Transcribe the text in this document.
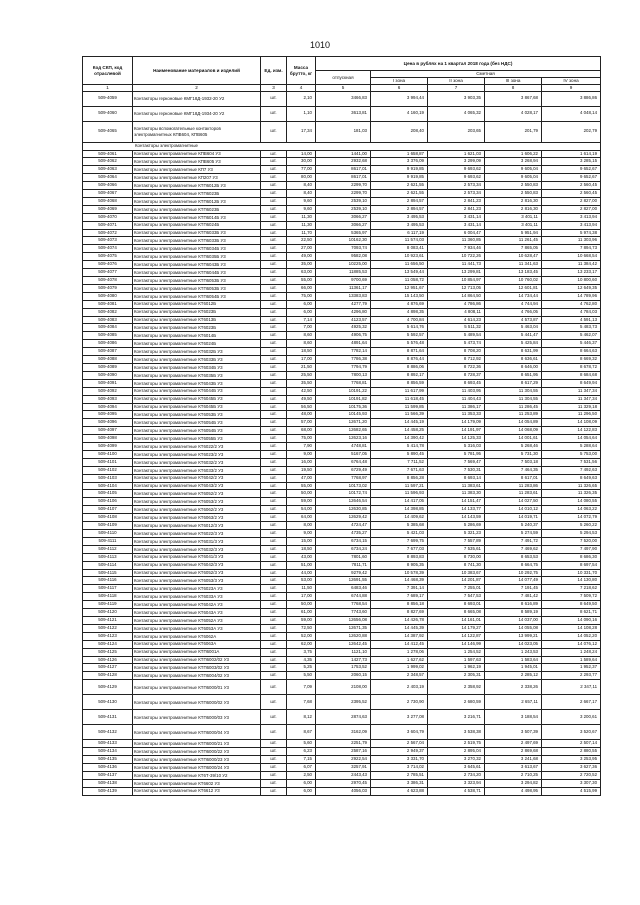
1010
Код СКП, код отраслевой	Наименование материалов и изделий	Ед. изм.	Масса брутто, кг	Цена в рублях на 1 квартал 2018 года (без НДС)				
				отпускная	Сметная			
					I зона	II зона	III зона	IV зона
1	2	3	4	5	6	7	8	9
509-4059	Контакторы герконовые КМГ18Д-1932-20 У2	шт.	2,10	3466,83	3 994,44	3 903,35	3 867,68	3 886,86
509-4060	Контакторы герконовые КМГ18Д-1934-20 У2	шт.	1,10	3613,81	4 160,19	4 065,32	4 028,17	4 048,14
509-4065	Контакторы вспомогательные контакторов электромагнитных КПВ604, КПВ605	шт.	17,34	181,03	208,40	203,65	201,79	202,79
Контакторы электромагнитные								
509-4061	Контакторы электромагнитные КПВ604 У3	шт.	14,00	1441,00	1 658,87	1 621,03	1 606,22	1 614,19
509-4062	Контакторы электромагнитные КПВ605 У3	шт.	30,00	2932,68	3 376,09	3 299,09	3 268,94	3 285,15
509-4063	Контакторы электромагнитные КП7 У3	шт.	77,00	8617,01	9 919,85	9 693,62	9 605,04	9 652,67
509-4064	Контакторы электромагнитные КП207 У3	шт.	80,00	8617,01	9 919,85	9 693,62	9 605,04	9 652,67
509-4066	Контакторы электромагнитные КТП6012Б У3	шт.	8,40	2299,70	2 621,55	2 573,34	2 550,83	2 560,45
509-4067	Контакторы электромагнитные КТП6023Б	шт.	8,40	2299,70	2 621,55	2 573,34	2 550,83	2 560,45
509-4068	Контакторы электромагнитные КТП6012Б У3	шт.	9,60	2539,10	2 894,57	2 841,23	2 816,30	2 827,00
509-4069	Контакторы электромагнитные КТП6023Б	шт.	9,60	2539,10	2 894,57	2 841,23	2 816,30	2 827,00
509-4070	Контакторы электромагнитные КТП6014Б У3	шт.	11,30	3066,27	3 495,53	3 431,14	3 401,11	3 413,94
509-4071	Контакторы электромагнитные КТП6024Б	шт.	11,30	3066,27	3 495,53	3 431,14	3 401,11	3 413,94
509-4072	Контакторы электромагнитные КТП6033Б У3	шт.	11,70	5365,97	6 117,19	6 004,47	5 951,94	5 974,38
509-4073	Контакторы электромагнитные КТП6033Б У3	шт.	22,50	10162,30	11 574,03	11 360,85	11 261,45	11 303,96
509-4074	Контакторы электромагнитные КТП6034Б У3	шт.	27,00	7093,74	8 083,41	7 934,46	7 865,05	7 894,73
509-4075	Контакторы электромагнитные КТП6035Б У3	шт.	49,00	9582,08	10 923,61	10 722,26	10 628,47	10 668,54
509-4076	Контакторы электромагнитные КТП6043Б У3	шт.	35,00	10225,00	11 656,50	11 441,73	11 341,63	11 384,42
509-4077	Контакторы электромагнитные КТП6044Б У3	шт.	63,00	11885,53	13 549,44	13 299,81	13 183,45	13 233,17
509-4078	Контакторы электромагнитные КТП6053Б У3	шт.	55,00	9700,69	11 058,72	10 854,97	10 760,02	10 800,60
509-4079	Контакторы электромагнитные КТП6053Б У3	шт.	66,00	11361,17	12 951,67	12 713,05	12 601,81	12 649,35
509-4080	Контакторы электромагнитные КТП6054Б У3	шт.	75,00	13383,83	15 143,50	14 864,50	14 734,44	14 789,96
509-4081	Контакторы электромагнитные КТ6012Б	шт.	6,00	4277,79	4 876,69	4 786,86	4 744,94	4 762,80
509-4082	Контакторы электромагнитные КТ6023Б	шт.	6,00	4296,80	4 898,35	4 808,11	4 766,05	4 784,03
509-4083	Контакторы электромагнитные КТ6013Б	шт.	7,14	4123,57	4 700,84	4 614,23	4 573,87	4 591,13
509-4084	Контакторы электромагнитные КТ6023Б	шт.	7,00	4925,32	5 614,76	5 511,32	5 463,04	5 483,73
509-4085	Контакторы электромагнитные КТ6014Б	шт.	8,60	4906,75	5 592,57	5 489,54	5 441,47	5 462,07
509-4086	Контакторы электромагнитные КТ6024Б	шт.	8,60	4891,64	5 576,48	5 473,74	5 425,84	5 446,37
509-4087	Контакторы электромагнитные КТ6032Б У3	шт.	18,50	7782,14	8 871,64	8 708,20	8 631,99	8 664,63
509-4088	Контакторы электромагнитные КТ6033Б У3	шт.	17,00	7786,38	8 876,44	8 712,92	8 636,61	8 669,32
509-4089	Контакторы электромагнитные КТ6034Б У3	шт.	21,50	7794,79	8 886,06	8 722,36	8 646,00	8 678,72
509-4090	Контакторы электромагнитные КТ6035Б У3	шт.	25,50	7800,13	8 892,17	8 728,37	8 651,95	8 684,68
509-4091	Контакторы электромагнитные КТ6043Б У3	шт.	35,50	7768,81	8 856,59	8 693,45	8 617,29	8 649,94
509-4092	Контакторы электромагнитные КТ6044Б У3	шт.	42,50	10191,22	11 617,99	11 403,95	11 304,55	11 347,34
509-4093	Контакторы электромагнитные КТ6045Б У3	шт.	49,50	10191,82	11 618,45	11 404,43	11 304,55	11 347,34
509-4094	Контакторы электромагнитные КТ6045Б У3	шт.	56,50	10175,36	11 599,85	11 386,17	11 286,45	11 329,18
509-4095	Контакторы электромагнитные КТ6053Б У3	шт.	48,00	10145,93	11 566,39	11 353,33	11 253,89	11 296,50
509-4096	Контакторы электромагнитные КТ6054Б У3	шт.	57,00	12671,20	14 445,19	14 179,09	14 054,89	14 108,09
509-4097	Контакторы электромагнитные КТ6054Б У3	шт.	68,00	12682,65	14 458,25	14 191,97	14 068,09	14 122,83
509-4098	Контакторы электромагнитные КТ6055Б У3	шт.	75,00	12623,16	14 390,42	14 125,33	14 001,61	14 054,64
509-4099	Контакторы электромагнитные КТ6022/2 У3	шт.	7,90	4748,81	5 414,78	5 316,03	5 268,46	5 288,64
509-4100	Контакторы электромагнитные КТ6023/2 У3	шт.	9,00	5167,05	5 890,45	5 781,95	5 731,30	5 753,00
509-4101	Контакторы электромагнитные КТ6032/2 У3	шт.	16,00	6764,48	7 711,52	7 569,47	7 503,18	7 531,56
509-4102	Контакторы электромагнитные КТ6033/2 У3	шт.	19,50	6729,49	7 671,63	7 530,31	7 464,35	7 492,63
509-4103	Контакторы электромагнитные КТ6042/2 У3	шт.	47,00	7768,97	8 856,28	8 693,14	8 617,01	8 649,63
509-4104	Контакторы электромагнитные КТ6043/2 У3	шт.	55,00	10173,02	11 597,21	11 383,61	11 283,86	11 326,65
509-4105	Контакторы электромагнитные КТ6052/2 У3	шт.	50,00	10172,74	11 596,93	11 383,30	11 283,61	11 326,35
509-4106	Контакторы электромагнитные КТ6053/2 У3	шт.	59,00	12646,54	14 417,05	14 151,47	14 027,50	14 080,55
509-4107	Контакторы электромагнитные КТ6062/2 У3	шт.	54,00	12630,85	14 398,85	14 133,77	14 010,12	14 063,22
509-4108	Контакторы электромагнитные КТ6063/2 У3	шт.	64,00	12629,42	14 409,62	14 143,59	14 019,71	14 072,79
509-4109	Контакторы электромагнитные КТ6012/3 У3	шт.	8,00	4724,47	5 385,68	5 286,69	5 240,37	5 260,22
509-4110	Контакторы электромагнитные КТ6022/3 У3	шт.	9,00	4735,27	5 421,03	5 321,23	5 274,59	5 294,53
509-4111	Контакторы электромагнитные КТ6031/3 У3	шт.	15,00	6734,15	7 699,75	7 557,89	7 491,72	7 520,00
509-4112	Контакторы электромагнитные КТ6032/3 У3	шт.	18,50	6734,24	7 677,03	7 535,61	7 469,62	7 497,90
509-4113	Контакторы электромагнитные КТ6041/3 У3	шт.	43,00	7801,60	8 893,83	8 730,00	8 653,53	8 686,30
509-4114	Контакторы электромагнитные КТ6042/3 У3	шт.	51,00	7811,71	8 905,35	8 741,30	8 664,75	8 697,54
509-4115	Контакторы электромагнитные КТ6052/3 У3	шт.	44,00	9279,42	10 578,39	10 383,67	10 292,75	10 331,70
509-4116	Контакторы электромагнитные КТ6053/3 У3	шт.	53,00	12691,55	14 468,39	14 201,87	14 077,49	14 130,80
509-4117	Контакторы электромагнитные КТ6023А У3	шт.	11,50	6483,46	7 391,14	7 255,01	7 191,45	7 218,62
509-4118	Контакторы электромагнитные КТ6033А У3	шт.	17,00	6744,88	7 689,17	7 547,53	7 481,42	7 509,72
509-4119	Контакторы электромагнитные КТ6042А У3	шт.	50,00	7768,54	8 856,18	8 693,01	8 616,89	8 649,50
509-4120	Контакторы электромагнитные КТ6043А У3	шт.	61,00	7743,60	8 827,69	8 665,08	8 589,19	8 621,71
509-4121	Контакторы электромагнитные КТ6052А У3	шт.	59,00	12656,08	14 426,78	14 161,01	14 037,00	14 090,16
509-4122	Контакторы электромагнитные КТ6053А У3	шт.	72,50	12671,35	14 445,39	14 179,27	14 055,08	14 108,28
509-4123	Контакторы электромагнитные КТ6062А	шт.	52,00	12620,88	14 387,92	14 122,87	13 999,21	14 052,20
509-4124	Контакторы электромагнитные КТ6063А	шт.	62,00	12642,45	14 412,45	14 146,99	14 023,05	14 076,12
509-4125	Контакторы электромагнитные КТП6001А	шт.	3,75	1121,10	1 278,06	1 254,52	1 243,53	1 248,24
509-4126	Контакторы электромагнитные КТП6002/02 У3	шт.	4,35	1427,73	1 627,62	1 597,63	1 583,64	1 589,64
509-4127	Контакторы электромагнитные КТП6003/02 У3	шт.	5,25	1753,52	1 999,02	1 962,19	1 945,01	1 952,37
509-4128	Контакторы электромагнитные КТП6004/02 У3	шт.	5,50	2060,15	2 348,57	2 305,31	2 285,12	2 293,77
509-4129	Контакторы электромагнитные КТП6000/01 У3	шт.	7,09	2108,00	2 403,19	2 358,92	2 338,26	2 347,11
509-4130	Контакторы электромагнитные КТП6000/02 У3	шт.	7,68	2395,52	2 730,90	2 680,59	2 657,11	2 667,17
509-4131	Контакторы электромагнитные КТП6000/03 У3	шт.	8,12	2874,63	3 277,08	3 216,71	3 188,54	3 200,61
509-4132	Контакторы электромагнитные КТП6000/04 У3	шт.	8,67	3162,09	3 604,79	3 538,38	3 507,39	3 520,67
509-4133	Контакторы электромагнитные КТП6000/21 У3	шт.	5,60	2251,79	2 567,04	2 519,75	2 497,69	2 507,14
509-4134	Контакторы электромагнитные КТП6000/22 У3	шт.	6,23	2587,16	2 949,37	2 895,04	2 869,68	2 880,55
509-4135	Контакторы электромагнитные КТП6000/23 У3	шт.	7,15	2922,54	3 331,70	3 270,32	3 241,68	3 253,95
509-4136	Контакторы электромагнитные КТП6000/24 У3	шт.	6,07	3257,91	3 714,02	3 645,61	3 613,67	3 627,36
509-4137	Контакторы электромагнитные КТ6Т-39/10 У2	шт.	2,50	2443,43	2 785,51	2 734,20	2 710,25	2 720,52
509-4138	Контакторы электромагнитные КТ6602 У3	шт.	6,00	2970,45	3 386,31	3 323,94	3 294,82	3 307,30
509-4139	Контакторы электромагнитные КТ6612 У3	шт.	6,00	4056,03	4 623,88	4 538,71	4 498,95	4 515,99
